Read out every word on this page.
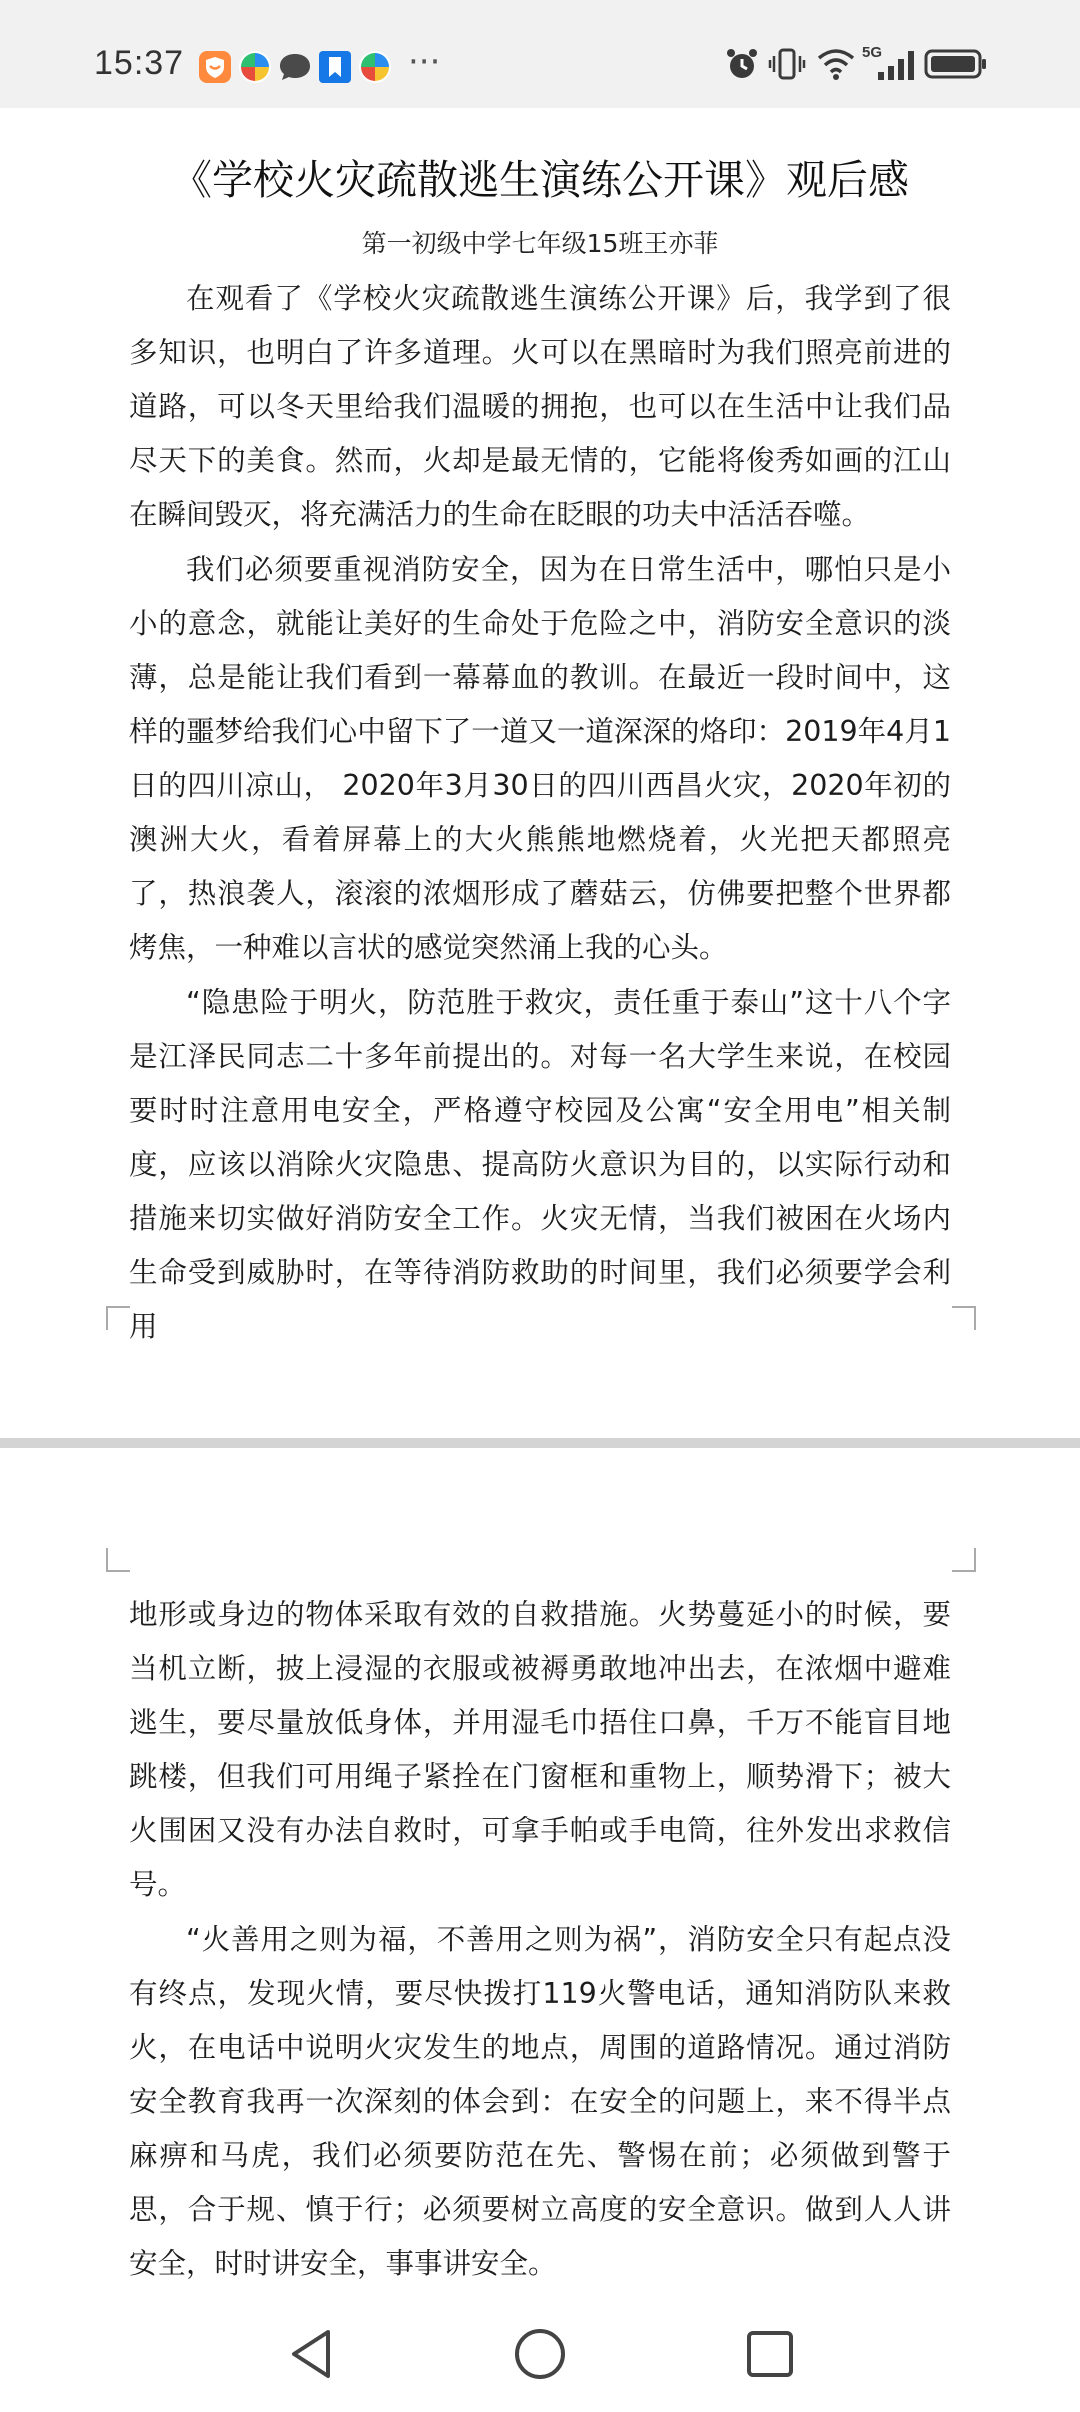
15:37	···	5G
《学校火灾疏散逃生演练公开课》观后感
第一初级中学七年级15班王亦菲

在观看了《学校火灾疏散逃生演练公开课》后，我学到了很多知识，也明白了许多道理。火可以在黑暗时为我们照亮前进的道路，可以冬天里给我们温暖的拥抱，也可以在生活中让我们品尽天下的美食。然而，火却是最无情的，它能将俊秀如画的江山在瞬间毁灭，将充满活力的生命在眨眼的功夫中活活吞噬。

我们必须要重视消防安全，因为在日常生活中，哪怕只是小小的意念，就能让美好的生命处于危险之中，消防安全意识的淡薄，总是能让我们看到一幕幕血的教训。在最近一段时间中，这样的噩梦给我们心中留下了一道又一道深深的烙印：2019年4月1日的四川凉山， 2020年3月30日的四川西昌火灾，2020年初的澳洲大火，看着屏幕上的大火熊熊地燃烧着，火光把天都照亮了，热浪袭人，滚滚的浓烟形成了蘑菇云，仿佛要把整个世界都烤焦，一种难以言状的感觉突然涌上我的心头。

“隐患险于明火，防范胜于救灾，责任重于泰山”这十八个字是江泽民同志二十多年前提出的。对每一名大学生来说，在校园要时时注意用电安全，严格遵守校园及公寓“安全用电”相关制度，应该以消除火灾隐患、提高防火意识为目的，以实际行动和措施来切实做好消防安全工作。火灾无情，当我们被困在火场内生命受到威胁时，在等待消防救助的时间里，我们必须要学会利用

地形或身边的物体采取有效的自救措施。火势蔓延小的时候，要当机立断，披上浸湿的衣服或被褥勇敢地冲出去，在浓烟中避难逃生，要尽量放低身体，并用湿毛巾捂住口鼻，千万不能盲目地跳楼，但我们可用绳子紧拴在门窗框和重物上，顺势滑下；被大火围困又没有办法自救时，可拿手帕或手电筒，往外发出求救信号。

“火善用之则为福，不善用之则为祸”，消防安全只有起点没有终点，发现火情，要尽快拨打119火警电话，通知消防队来救火，在电话中说明火灾发生的地点，周围的道路情况。通过消防安全教育我再一次深刻的体会到：在安全的问题上，来不得半点麻痹和马虎，我们必须要防范在先、警惕在前；必须做到警于思，合于规、慎于行；必须要树立高度的安全意识。做到人人讲安全，时时讲安全，事事讲安全。
